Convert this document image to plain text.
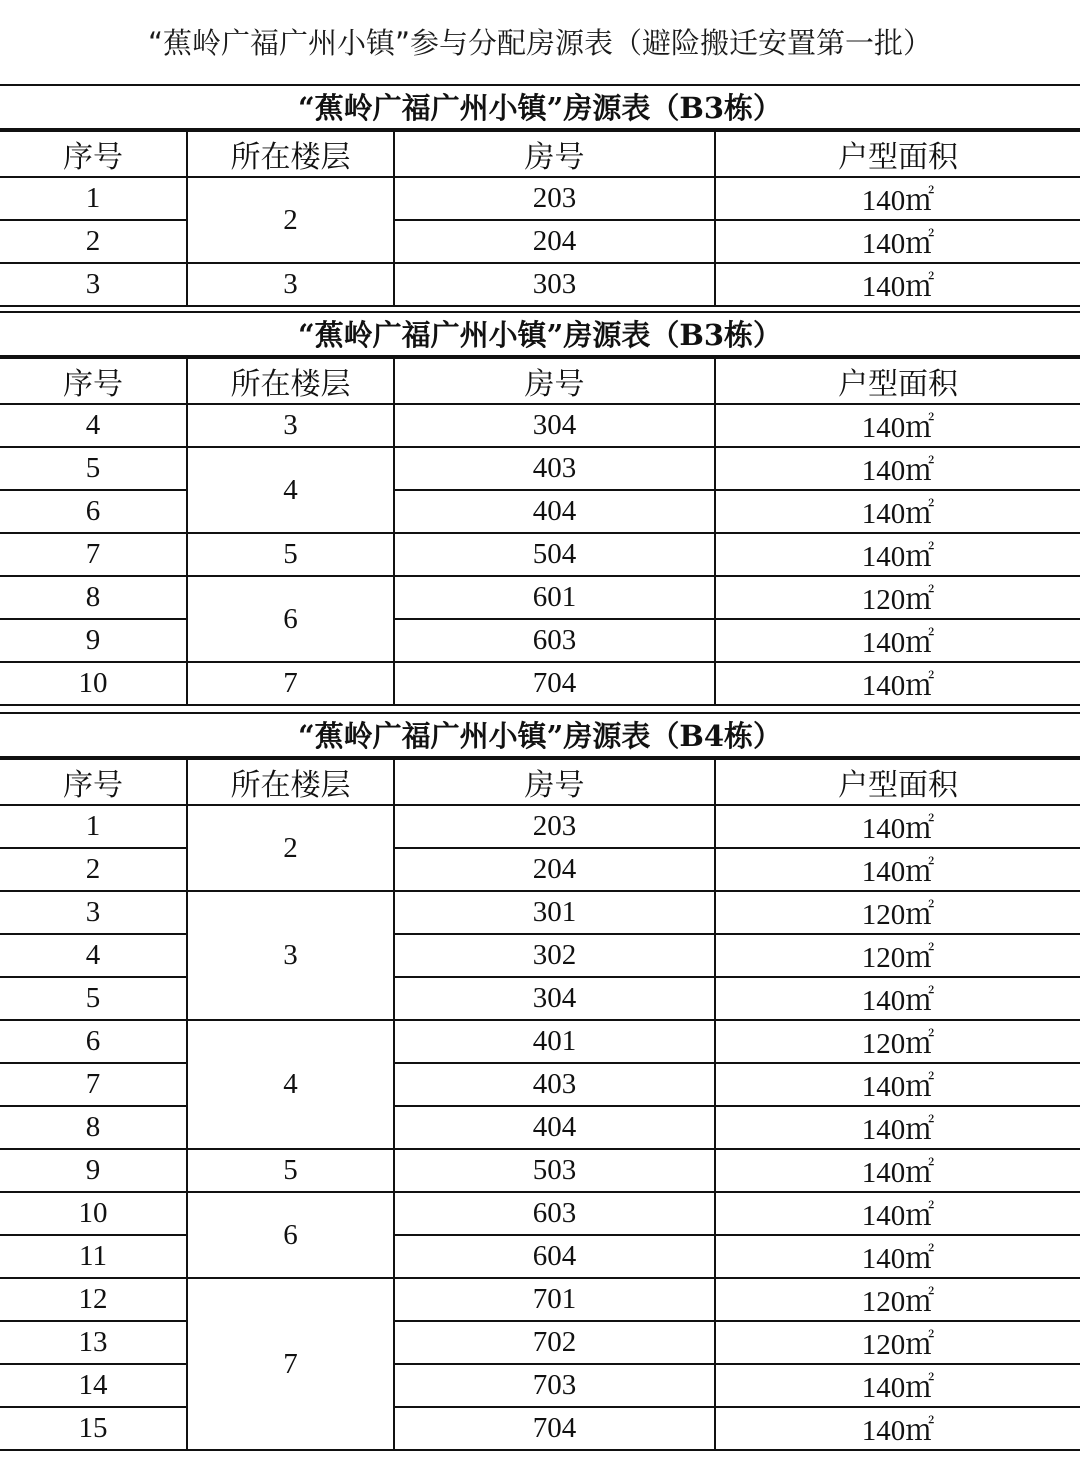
“蕉岭广福广州小镇”参与分配房源表（避险搬迁安置第一批）
“蕉岭广福广州小镇”房源表（B3栋）
序号	所在楼层	房号	户型面积
1	2	203	140㎡
2		204	140㎡
3	3	303	140㎡
“蕉岭广福广州小镇”房源表（B3栋）
序号	所在楼层	房号	户型面积
4	3	304	140㎡
5	4	403	140㎡
6		404	140㎡
7	5	504	140㎡
8	6	601	120㎡
9		603	140㎡
10	7	704	140㎡
“蕉岭广福广州小镇”房源表（B4栋）
序号	所在楼层	房号	户型面积
1	2	203	140㎡
2		204	140㎡
3	3	301	120㎡
4		302	120㎡
5		304	140㎡
6	4	401	120㎡
7		403	140㎡
8		404	140㎡
9	5	503	140㎡
10	6	603	140㎡
11		604	140㎡
12	7	701	120㎡
13		702	120㎡
14		703	140㎡
15		704	140㎡
